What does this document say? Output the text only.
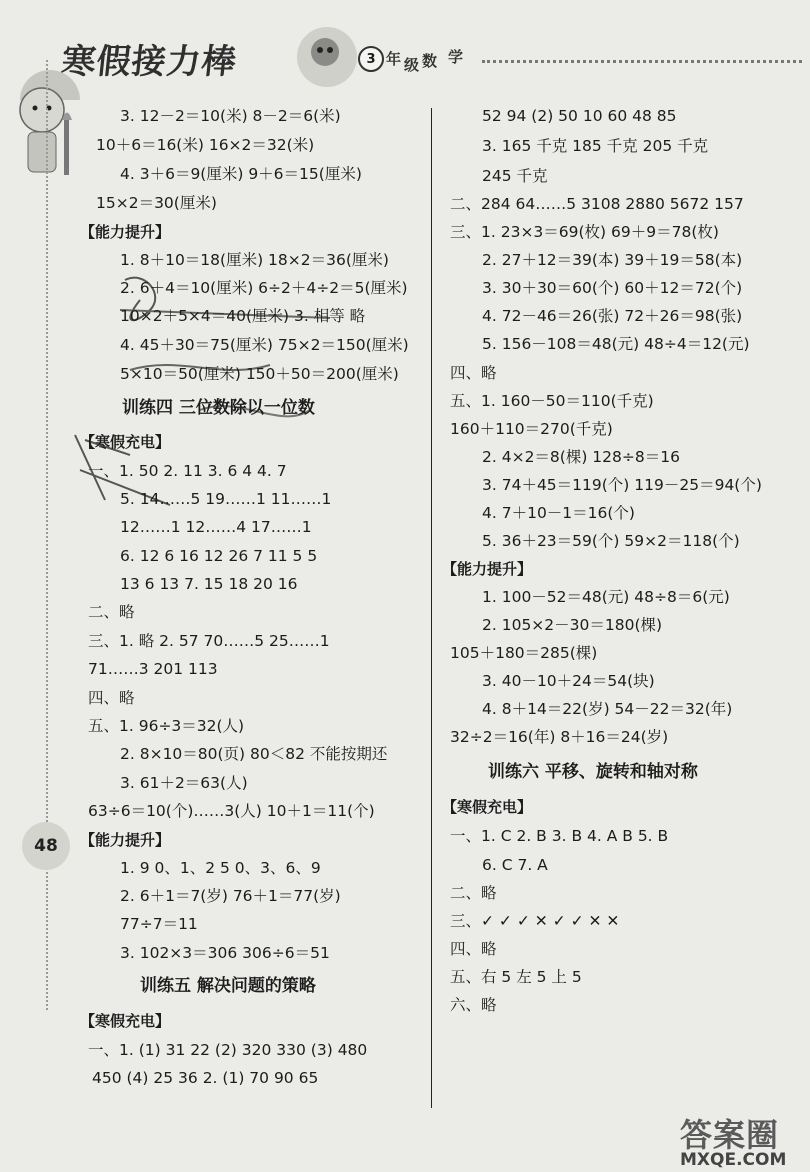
寒假接力棒	3 年 级 数 学
3. 12－2＝10(米) 8－2＝6(米)
10＋6＝16(米) 16×2＝32(米)
4. 3＋6＝9(厘米) 9＋6＝15(厘米)
15×2＝30(厘米)
【能力提升】
1. 8＋10＝18(厘米) 18×2＝36(厘米)
2. 6＋4＝10(厘米) 6÷2＋4÷2＝5(厘米)
10×2＋5×4＝40(厘米) 3. 相等 略
4. 45＋30＝75(厘米) 75×2＝150(厘米)
5×10＝50(厘米) 150＋50＝200(厘米)
训练四 三位数除以一位数
【寒假充电】
一、1. 50 2. 11 3. 6 4 4. 7
5. 14……5 19……1 11……1
12……1 12……4 17……1
6. 12 6 16 12 26 7 11 5 5
13 6 13 7. 15 18 20 16
二、略
三、1. 略 2. 57 70……5 25……1
71……3 201 113
四、略
五、1. 96÷3＝32(人)
2. 8×10＝80(页) 80＜82 不能按期还
3. 61＋2＝63(人)
63÷6＝10(个)……3(人) 10＋1＝11(个)
【能力提升】
1. 9 0、1、2 5 0、3、6、9
2. 6＋1＝7(岁) 76＋1＝77(岁)
77÷7＝11
3. 102×3＝306 306÷6＝51
训练五 解决问题的策略
【寒假充电】
一、1. (1) 31 22 (2) 320 330 (3) 480
450 (4) 25 36 2. (1) 70 90 65
48
52 94 (2) 50 10 60 48 85
3. 165 千克 185 千克 205 千克
245 千克
二、284 64……5 3108 2880 5672 157
三、1. 23×3＝69(枚) 69＋9＝78(枚)
2. 27＋12＝39(本) 39＋19＝58(本)
3. 30＋30＝60(个) 60＋12＝72(个)
4. 72－46＝26(张) 72＋26＝98(张)
5. 156－108＝48(元) 48÷4＝12(元)
四、略
五、1. 160－50＝110(千克)
160＋110＝270(千克)
2. 4×2＝8(棵) 128÷8＝16
3. 74＋45＝119(个) 119－25＝94(个)
4. 7＋10－1＝16(个)
5. 36＋23＝59(个) 59×2＝118(个)
【能力提升】
1. 100－52＝48(元) 48÷8＝6(元)
2. 105×2－30＝180(棵)
105＋180＝285(棵)
3. 40－10＋24＝54(块)
4. 8＋14＝22(岁) 54－22＝32(年)
32÷2＝16(年) 8＋16＝24(岁)
训练六 平移、旋转和轴对称
【寒假充电】
一、1. C 2. B 3. B 4. A B 5. B
6. C 7. A
二、略
三、✓ ✓ ✓ ✕ ✓ ✓ ✕ ✕
四、略
五、右 5 左 5 上 5
六、略
答案圈
MXQE.COM
